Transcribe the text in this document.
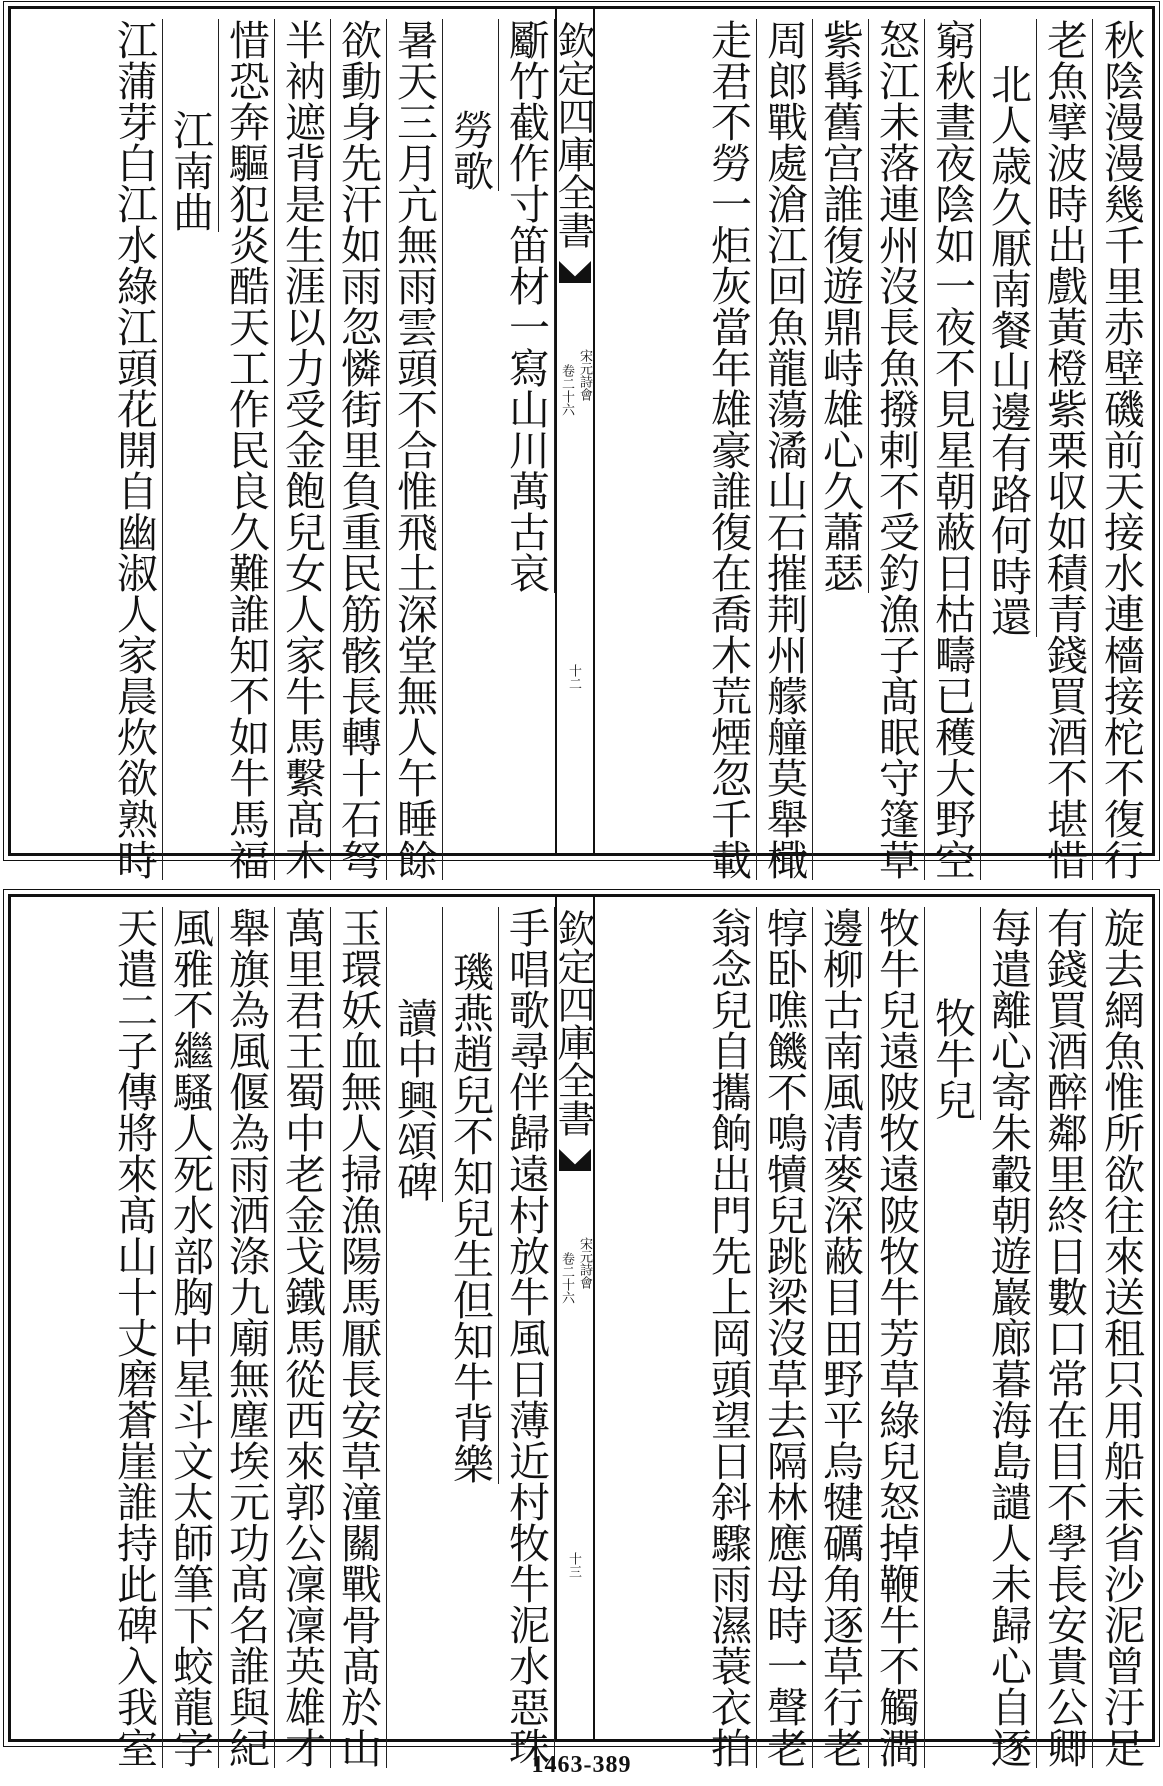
秋陰漫漫幾千里赤壁磯前天接水連檣接柁不復行
老魚擘波時出戲黃橙紫栗収如積青錢買酒不堪惜
北人歳久厭南餐山邊有路何時還
窮秋晝夜陰如一夜不見星朝蔽日枯疇已穫大野空
怒江未落連州沒長魚撥剌不受釣漁子髙眠守篷草
紫髯舊宫誰復遊鼎峙雄心久蕭瑟
周郎戰處滄江回魚龍蕩潏山石摧荆州艨艟莫舉檝
走君不勞一炬灰當年雄豪誰復在喬木荒煙忽千載
欽定四庫全書
宋元詩會
卷二十六
十二
斸竹截作寸笛材一寫山川萬古哀
勞歌
暑天三月亢無雨雲頭不合惟飛土深堂無人午睡餘
欲動身先汗如雨忽憐街里負重民筋骸長轉十石弩
半衲遮背是生涯以力受金飽兒女人家牛馬繫髙木
惜恐奔驅犯炎酷天工作民良久難誰知不如牛馬福
江南曲
江蒲芽白江水綠江頭花開自幽淑人家晨炊欲熟時
旋去網魚惟所欲往來送租只用船未省沙泥曾汙足
有錢買酒醉鄰里終日數口常在目不學長安貴公卿
每遣離心寄朱轂朝遊巖廊暮海島譴人未歸心自逐
牧牛兒
牧牛兒遠陂牧遠陂牧牛芳草綠兒怒掉鞭牛不觸澗
邊柳古南風清麥深蔽目田野平烏犍礪角逐草行老
犉卧噍饑不鳴犢兒跳梁沒草去隔林應母時一聲老
翁念兒自攜餉出門先上岡頭望日斜驟雨濕蓑衣拍
欽定四庫全書
宋元詩會
卷二十六
十三
手唱歌尋伴歸遠村放牛風日薄近村牧牛泥水惡珠
璣燕趙兒不知兒生但知牛背樂
讀中興頌碑
玉環妖血無人掃漁陽馬厭長安草潼關戰骨髙於山
萬里君王蜀中老金戈鐵馬從西來郭公凜凜英雄才
舉旗為風偃為雨洒涤九廟無塵埃元功髙名誰與紀
風雅不繼騷人死水部胸中星斗文太師筆下蛟龍字
天遣二子傳將來髙山十丈磨蒼崖誰持此碑入我室	1463-389
